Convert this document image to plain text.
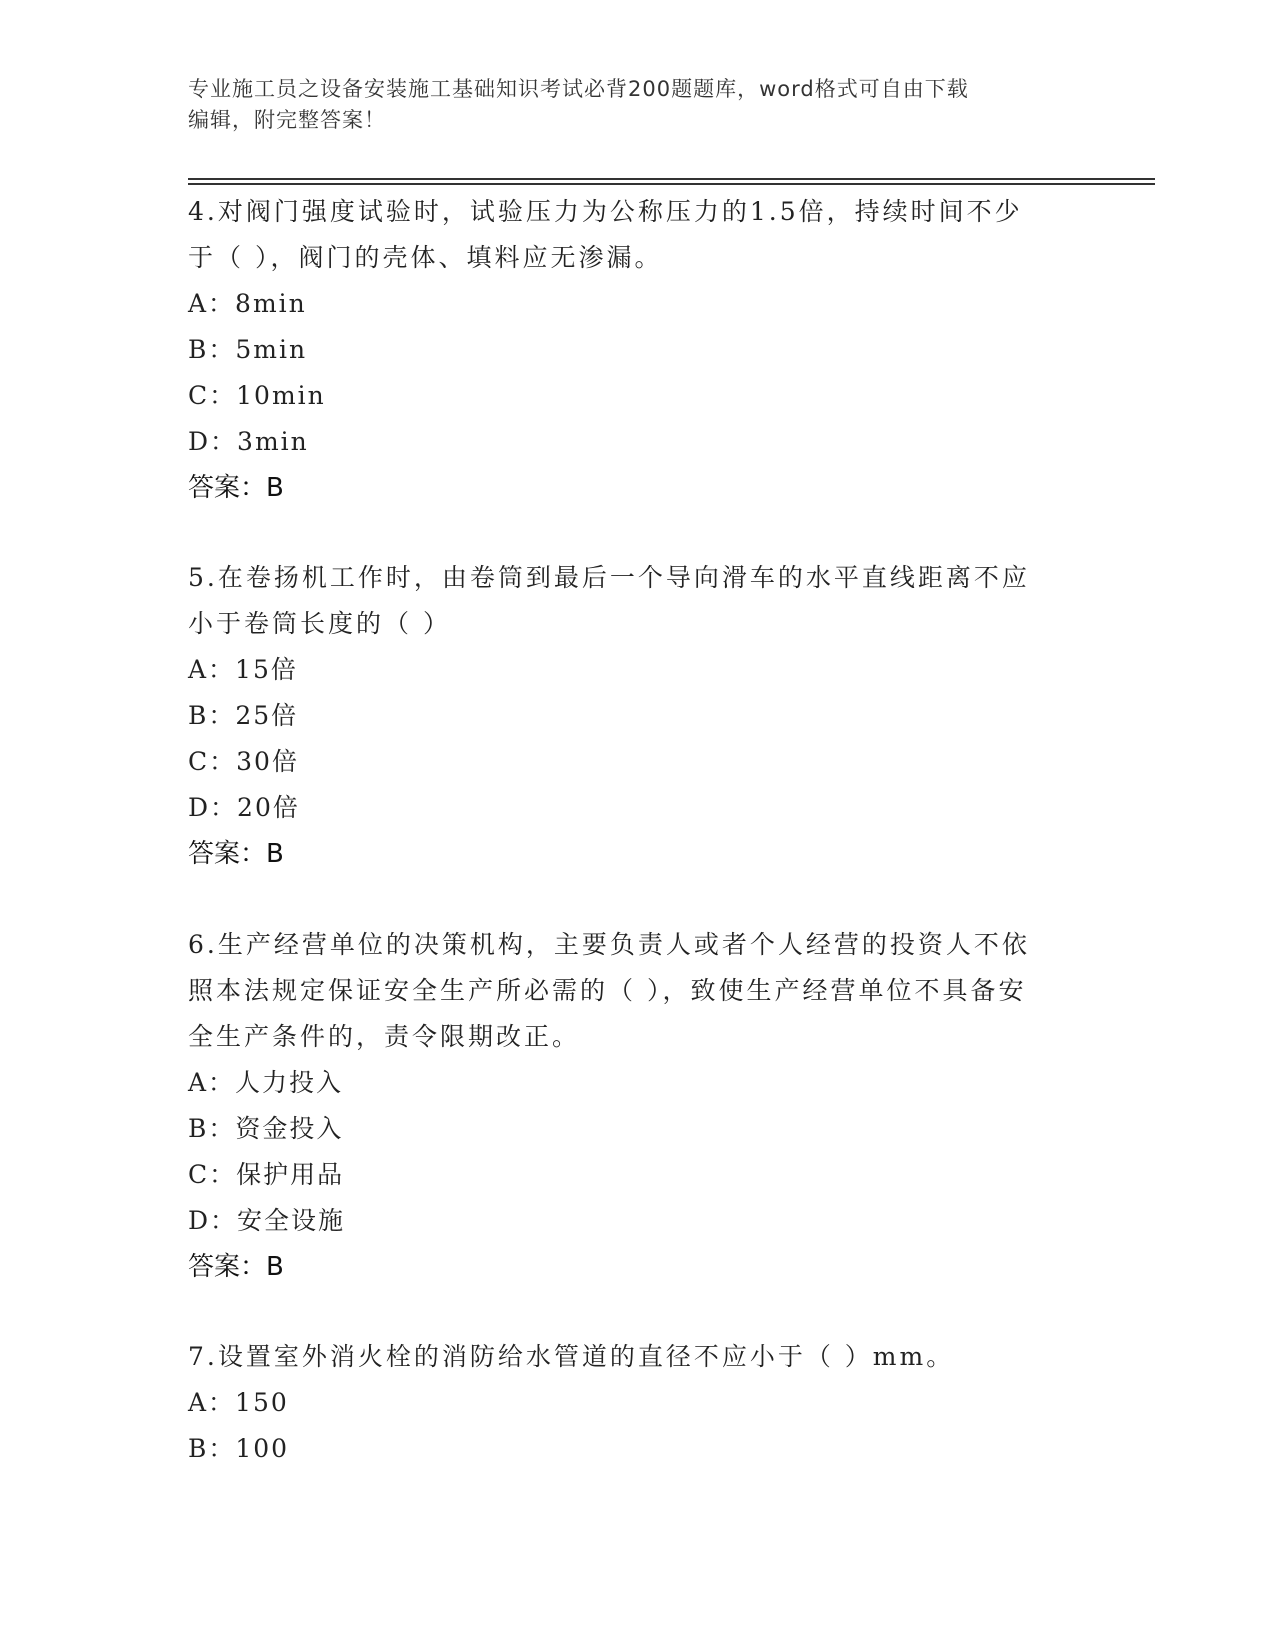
专业施工员之设备安装施工基础知识考试必背200题题库，word格式可自由下载
编辑，附完整答案！

4.对阀门强度试验时，试验压力为公称压力的1.5倍，持续时间不少

于（ ），阀门的壳体、填料应无渗漏。

A：8min

B：5min

C：10min

D：3min

答案：B

5.在卷扬机工作时，由卷筒到最后一个导向滑车的水平直线距离不应

小于卷筒长度的（ ）

A：15倍

B：25倍

C：30倍

D：20倍

答案：B

6.生产经营单位的决策机构，主要负责人或者个人经营的投资人不依

照本法规定保证安全生产所必需的（ ），致使生产经营单位不具备安

全生产条件的，责令限期改正。

A：人力投入

B：资金投入

C：保护用品

D：安全设施

答案：B

7.设置室外消火栓的消防给水管道的直径不应小于（ ）mm。

A：150

B：100
